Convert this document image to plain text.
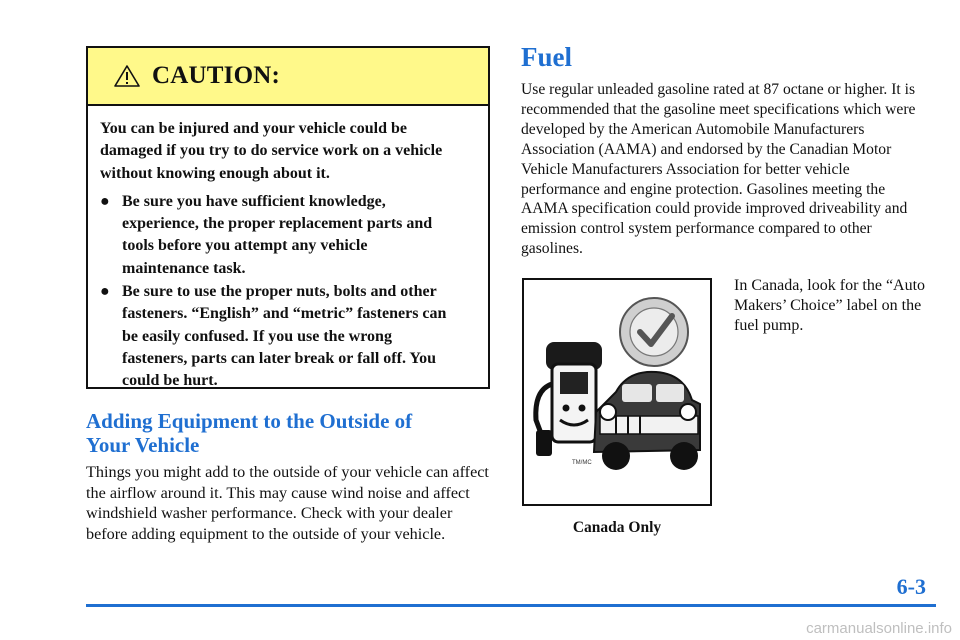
CAUTION:

You can be injured and your vehicle could be damaged if you try to do service work on a vehicle without knowing enough about it.

● Be sure you have sufficient knowledge, experience, the proper replacement parts and tools before you attempt any vehicle maintenance task.
● Be sure to use the proper nuts, bolts and other fasteners. “English” and “metric” fasteners can be easily confused. If you use the wrong fasteners, parts can later break or fall off. You could be hurt.
Adding Equipment to the Outside of
Your Vehicle

Things you might add to the outside of your vehicle can affect the airflow around it. This may cause wind noise and affect windshield washer performance. Check with your dealer before adding equipment to the outside of your vehicle.

Fuel

Use regular unleaded gasoline rated at 87 octane or higher. It is recommended that the gasoline meet specifications which were developed by the American Automobile Manufacturers Association (AAMA) and endorsed by the Canadian Motor Vehicle Manufacturers Association for better vehicle performance and engine protection. Gasolines meeting the AAMA specification could provide improved driveability and emission control system performance compared to other gasolines.

TM/MC
Canada Only

In Canada, look for the “Auto Makers’ Choice” label on the fuel pump.

6-3
carmanualsonline.info
